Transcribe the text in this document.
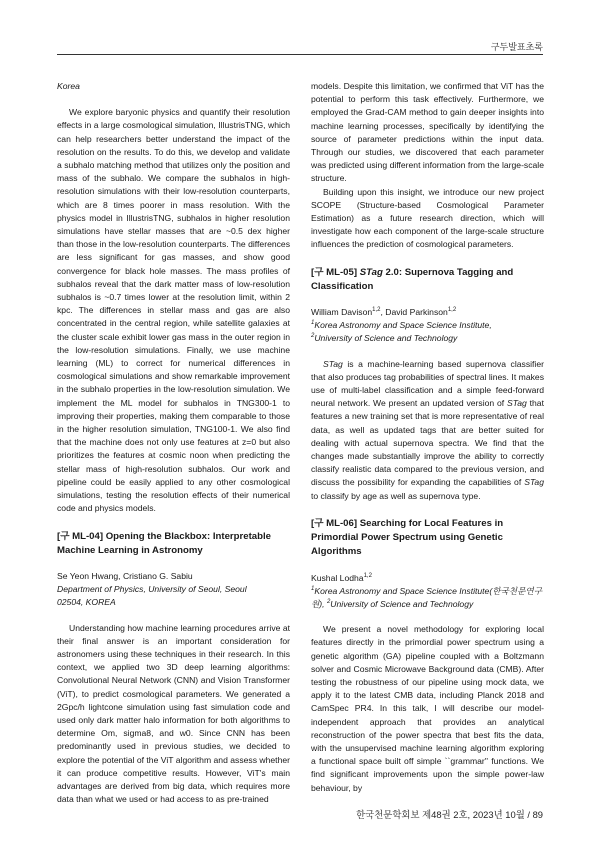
구두발표초록

Korea

We explore baryonic physics and quantify their resolution effects in a large cosmological simulation, IllustrisTNG, which can help researchers better understand the impact of the resolution on the results. To do this, we develop and validate a subhalo matching method that utilizes only the position and mass of the subhalo. We compare the subhalos in high-resolution simulations with their low-resolution counterparts, which are 8 times poorer in mass resolution. With the physics model in IllustrisTNG, subhalos in higher resolution simulations have stellar masses that are ~0.5 dex higher than those in the low-resolution counterparts. The differences are less significant for gas masses, and show good convergence for black hole masses. The mass profiles of subhalos reveal that the dark matter mass of low-resolution subhalos is ~0.7 times lower at the resolution limit, within 2 kpc. The differences in stellar mass and gas are also concentrated in the central region, while satellite galaxies at the cluster scale exhibit lower gas mass in the outer region in the low-resolution simulations. Finally, we use machine learning (ML) to correct for numerical differences in cosmological simulations and show remarkable improvement in the subhalo properties in the low-resolution simulation. We implement the ML model for subhalos in TNG300-1 to improving their properties, making them comparable to those in the higher resolution simulation, TNG100-1. We also find that the machine does not only use features at z=0 but also prioritizes the features at cosmic noon when predicting the stellar mass of high-resolution subhalos. Our work and pipeline could be easily applied to any other cosmological simulations, testing the resolution effects of their numerical code and physics models.

[구 ML-04] Opening the Blackbox: Interpretable Machine Learning in Astronomy

Se Yeon Hwang, Cristiano G. Sabiu

Department of Physics, University of Seoul, Seoul
02504, KOREA

Understanding how machine learning procedures arrive at their final answer is an important consideration for astronomers using these techniques in their research. In this context, we applied two 3D deep learning algorithms: Convolutional Neural Network (CNN) and Vision Transformer (ViT), to predict cosmological parameters. We generated a 2Gpc/h lightcone simulation using fast simulation code and used only dark matter halo information for both algorithms to determine Om, sigma8, and w0. Since CNN has been predominantly used in previous studies, we decided to explore the potential of the ViT algorithm and assess whether it can produce competitive results. However, ViT's main advantages are derived from big data, which requires more data than what we used or had access to as pre-trained

models. Despite this limitation, we confirmed that ViT has the potential to perform this task effectively. Furthermore, we employed the Grad-CAM method to gain deeper insights into machine learning processes, specifically by identifying the source of parameter predictions within the input data. Through our studies, we discovered that each parameter was predicted using different information from the large-scale structure.

Building upon this insight, we introduce our new project SCOPE (Structure-based Cosmological Parameter Estimation) as a future research direction, which will investigate how each component of the large-scale structure influences the prediction of cosmological parameters.

[구 ML-05] STag 2.0: Supernova Tagging and Classification

William Davison$^{1,2}$, David Parkinson$^{1,2}$

$^1$Korea Astronomy and Space Science Institute,
$^2$University of Science and Technology

STag is a machine-learning based supernova classifier that also produces tag probabilities of spectral lines. It makes use of multi-label classification and a simple feed-forward neural network. We present an updated version of STag that features a new training set that is more representative of real data, as well as updated tags that are better suited for dealing with actual supernova spectra. We find that the changes made substantially improve the ability to correctly classify realistic data compared to the previous version, and discuss the possibility for expanding the capabilities of STag to classify by age as well as supernova type.

[구 ML-06] Searching for Local Features in Primordial Power Spectrum using Genetic Algorithms

Kushal Lodha$^{1,2}$

$^1$Korea Astronomy and Space Science Institute(한국천문연구원), $^2$University of Science and Technology

We present a novel methodology for exploring local features directly in the primordial power spectrum using a genetic algorithm (GA) pipeline coupled with a Boltzmann solver and Cosmic Microwave Background data (CMB). After testing the robustness of our pipeline using mock data, we apply it to the latest CMB data, including Planck 2018 and CamSpec PR4. In this talk, I will describe our model-independent approach that provides an analytical reconstruction of the power spectra that best fits the data, with the unsupervised machine learning algorithm exploring a functional space built off simple ``grammar'' functions. We find significant improvements upon the simple power-law behaviour, by

한국천문학회보 제48권 2호, 2023년 10월 / 89
